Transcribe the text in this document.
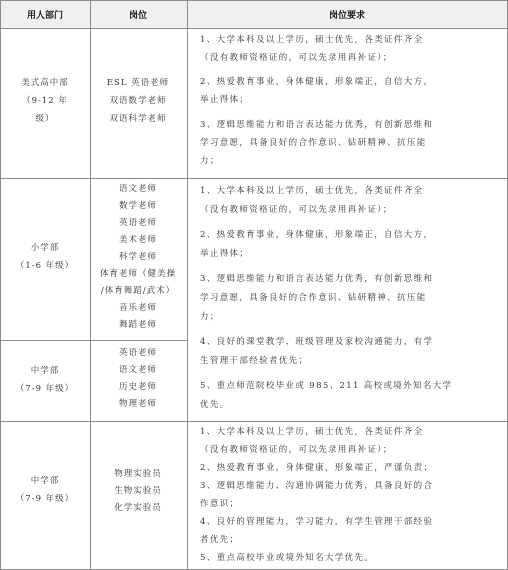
用人部门	岗位	岗位要求
美式高中部
（9-12 年
级）
ESL 英语老师
双语数学老师
双语科学老师
1、大学本科及以上学历，硕士优先，各类证件齐全
（没有教师资格证的，可以先录用再补证）；
2、热爱教育事业，身体健康，形象端正，自信大方，
举止得体；
3、逻辑思维能力和语言表达能力优秀，有创新思维和
学习意愿，具备良好的合作意识、钻研精神、抗压能
力；
小学部
（1-6 年级）
语文老师
数学老师
英语老师
美术老师
科学老师
体育老师（健美操
/体育舞蹈/武术）
音乐老师
舞蹈老师
1、大学本科及以上学历，硕士优先，各类证件齐全
（没有教师资格证的，可以先录用再补证）；
2、热爱教育事业，身体健康，形象端正，自信大方，
举止得体；
3、逻辑思维能力和语言表达能力优秀，有创新思维和
学习意愿，具备良好的合作意识、钻研精神、抗压能
力；
4、良好的课堂教学、班级管理及家校沟通能力，有学
生管理干部经验者优先；
5、重点师范院校毕业或 985、211 高校或境外知名大学
优先。
中学部
（7-9 年级）
英语老师
语文老师
历史老师
物理老师
中学部
（7-9 年级）
物理实验员
生物实验员
化学实验员
1、大学本科及以上学历，硕士优先，各类证件齐全
（没有教师资格证的，可以先录用再补证）；
2、热爱教育事业，身体健康，形象端正，严谨负责；
3、逻辑思维能力、沟通协调能力优秀，具备良好的合
作意识；
4、良好的管理能力，学习能力，有学生管理干部经验
者优先；
5、重点高校毕业或境外知名大学优先。
